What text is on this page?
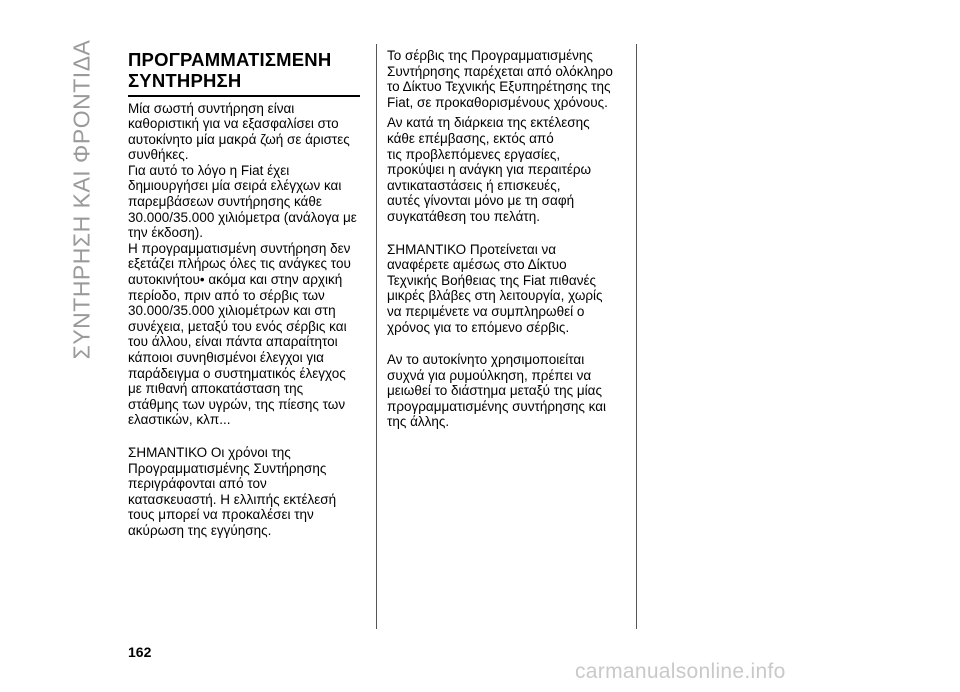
ΣΥΝΤΗΡΗΣΗ ΚΑΙ ΦΡΟΝΤΙΔΑ ΠΡΟΓΡΑΜΜΑΤΙΣΜΕΝΗ
ΣΥΝΤΗΡΗΣΗ
Μία σωστή συντήρηση είναι
καθοριστική για να εξασφαλίσει στο
αυτοκίνητο μία μακρά ζωή σε άριστες
συνθήκες.
Για αυτό το λόγο η Fiat έχει
δημιουργήσει μία σειρά ελέγχων και
παρεμβάσεων συντήρησης κάθε
30.000/35.000 χιλιόμετρα (ανάλογα με
την έκδοση).
Η προγραμματισμένη συντήρηση δεν
εξετάζει πλήρως όλες τις ανάγκες του
αυτοκινήτου• ακόμα και στην αρχική
περίοδο, πριν από το σέρβις των
30.000/35.000 χιλιομέτρων και στη
συνέχεια, μεταξύ του ενός σέρβις και
του άλλου, είναι πάντα απαραίτητοι
κάποιοι συνηθισμένοι έλεγχοι για
παράδειγμα ο συστηματικός έλεγχος
με πιθανή αποκατάσταση της
στάθμης των υγρών, της πίεσης των
ελαστικών, κλπ...
ΣΗΜΑΝΤΙΚΟ Οι χρόνοι της
Προγραμματισμένης Συντήρησης
περιγράφονται από τον
κατασκευαστή. Η ελλιπής εκτέλεσή
τους μπορεί να προκαλέσει την
ακύρωση της εγγύησης.
Το σέρβις της Προγραμματισμένης
Συντήρησης παρέχεται από ολόκληρο
το Δίκτυο Τεχνικής Εξυπηρέτησης της
Fiat, σε προκαθορισμένους χρόνους.
Αν κατά τη διάρκεια της εκτέλεσης
κάθε επέμβασης, εκτός από
τις προβλεπόμενες εργασίες,
προκύψει η ανάγκη για περαιτέρω
αντικαταστάσεις ή επισκευές,
αυτές γίνονται μόνο με τη σαφή
συγκατάθεση του πελάτη.
ΣΗΜΑΝΤΙΚΟ Προτείνεται να
αναφέρετε αμέσως στο Δίκτυο
Τεχνικής Βοήθειας της Fiat πιθανές
μικρές βλάβες στη λειτουργία, χωρίς
να περιμένετε να συμπληρωθεί ο
χρόνος για το επόμενο σέρβις.
Αν το αυτοκίνητο χρησιμοποιείται
συχνά για ρυμούλκηση, πρέπει να
μειωθεί το διάστημα μεταξύ της μίας
προγραμματισμένης συντήρησης και
της άλλης.
162
carmanualsonline.info
